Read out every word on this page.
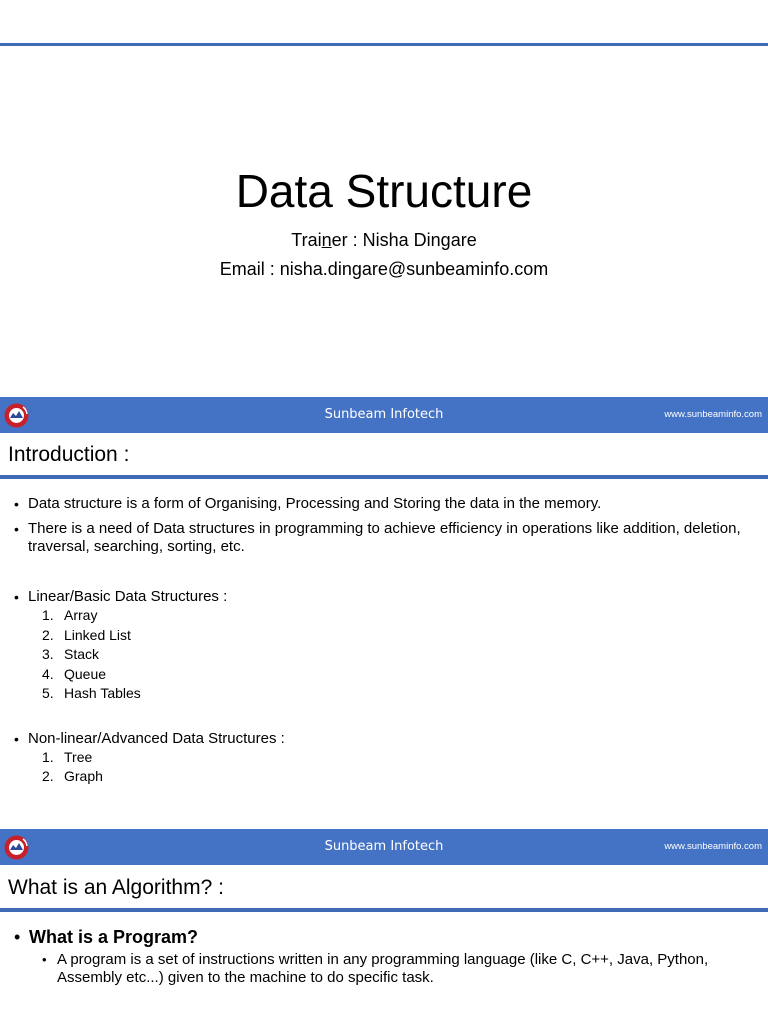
Data Structure
Trainer : Nisha Dingare
Email : nisha.dingare@sunbeaminfo.com
Sunbeam Infotech	www.sunbeaminfo.com
Introduction :
• Data structure is a form of Organising, Processing and Storing the data in the memory.
• There is a need of Data structures in programming to achieve efficiency in operations like addition, deletion, traversal, searching, sorting, etc.
• Linear/Basic Data Structures :
1. Array
2. Linked List
3. Stack
4. Queue
5. Hash Tables
• Non-linear/Advanced Data Structures :
1. Tree
2. Graph
Sunbeam Infotech	www.sunbeaminfo.com
What is an Algorithm? :
• What is a Program?
• A program is a set of instructions written in any programming language (like C, C++, Java, Python, Assembly etc...) given to the machine to do specific task.
